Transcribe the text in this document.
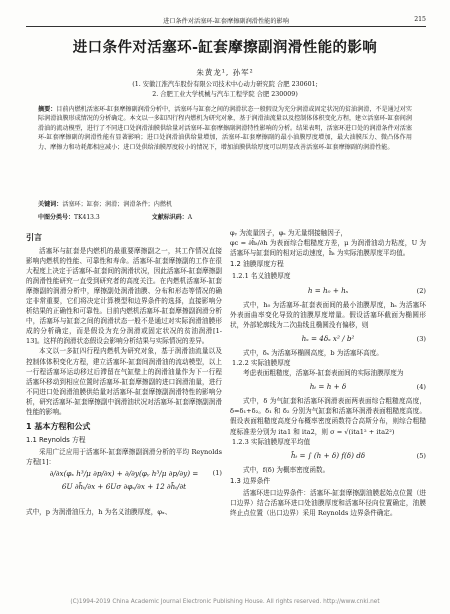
进口条件对活塞环-缸套摩擦副润滑性能的影响	215
进口条件对活塞环-缸套摩擦副润滑性能的影响
朱黄龙¹, 孙军²
(1. 安徽江淮汽车股份有限公司技术中心动力研究院 合肥 230601;
2. 合肥工业大学机械与汽车工程学院 合肥 230009)
摘要：目前内燃机活塞环-缸套摩擦副润滑分析中，活塞环与缸套之间的润滑状态一般假设为充分润滑或固定状况的贫油润滑，不是通过对实际润滑油膜形成情况的分析确定。本文以一多缸四行程内燃机为研究对象，基于润滑油流量以及控制体体积变化方程，建立活塞环-缸套间润滑油的流动模型，进行了不同进口处润滑油膜供给量对活塞环-缸套摩擦副润滑特性影响的分析。结果表明，活塞环进口处的润滑条件对活塞环-缸套摩擦副的润滑性能有显著影响；进口处润滑油供给量增加，活塞环-缸套摩擦副的最小油膜厚度增加，最大油膜压力、微凸体作用力、摩擦力和功耗都相应减小；进口处供给油膜厚度较小的情况下，增加油膜供给厚度可以明显改善活塞环-缸套摩擦副的润滑性能。
关键词：活塞环；缸套；润滑；润滑条件；内燃机
中图分类号：TK413.3	文献标识码：A
引言
活塞环与缸套是内燃机的最重要摩擦副之一，其工作情况直接影响内燃机的性能、可靠性和寿命。活塞环-缸套摩擦副的工作在很大程度上决定于活塞环-缸套间的润滑状况，因此活塞环-缸套摩擦副的润滑性能研究一直受到研究者的高度关注。在内燃机活塞环-缸套摩擦副的润滑分析中，摩擦副处润滑油膜、分布和形态等情况的确定非常重要，它们将决定计算模型和边界条件的选择，直接影响分析结果的正确性和可靠性。目前内燃机活塞环-缸套摩擦副润滑分析中，活塞环与缸套之间的润滑状态一般不是通过对实际润滑油膜形成的分析确定，而是假设为充分润滑或固定状况的贫油润滑[1-13]。这样的润滑状态假设会影响分析结果与实际情况的差异。
本文以一多缸四行程内燃机为研究对象，基于润滑油流量以及控制体体积变化方程，建立活塞环-缸套间润滑油的流动模型，以上一行程活塞环运动移过后滞留在气缸壁上的润滑油量作为下一行程活塞环移动到相应位置时活塞环-缸套摩擦副的进口润滑油量，进行不同进口处润滑油膜供给量对活塞环-缸套摩擦副润滑特性的影响分析，研究活塞环-缸套摩擦副中润滑油状况对活塞环-缸套摩擦副润滑性能的影响。
1 基本方程和公式
1.1 Reynolds 方程
采用广泛应用于活塞环-缸套摩擦副润滑分析的平均 Reynolds 方程[1]：
∂/∂x(φₓ h³/μ ∂p/∂x) + ∂/∂y(φᵧ h³/μ ∂p/∂y) =
6U ∂h̄ₜ/∂x + 6Uσ ∂φₛ/∂x + 12 ∂h̄ₜ/∂t
(1)
式中，p 为润滑油压力，h 为名义油膜厚度，φₓ、
φᵧ 为流量因子，φₛ 为无量纲接触因子，
φc = ∂h̄ₜ/∂h 为表面综合粗糙度方差，μ 为润滑油动力粘度，U 为活塞环与缸套间的相对运动速度，h̄ₜ 为实际油膜厚度平均值。
1.2 油膜厚度方程
1.2.1 名义油膜厚度
h = h₀ + hₛ	(2)
式中，h₀ 为活塞环-缸套表面间的最小油膜厚度，hₛ 为活塞环外表面曲率变化导致的油膜厚度增量。假设活塞环截面为椭圆形状，外部轮廓线为二次曲线且椭圆没有偏移，则
hₛ = 4δₛ x² / b²	(3)
式中，δₛ 为活塞环椭圆高度，b 为活塞环高度。
1.2.2 实际油膜厚度
考虑表面粗糙度，活塞环-缸套表面间的实际油膜厚度为
hₜ = h + δ	(4)
式中，δ 为气缸套和活塞环润滑表面两表面综合粗糙度高度，δ=δ₁+δ₂。δ₁ 和 δ₂ 分别为气缸套和活塞环润滑表面粗糙度高度。假设表面粗糙度高度分布概率密度函数符合高斯分布，则综合粗糙度标准差分别为 ita1 和 ita2，则 σ = √(ita1² + ita2²)
1.2.3 实际油膜厚度平均值
h̄ₜ = ∫ (h + δ) f(δ) dδ	(5)
式中，f(δ) 为概率密度函数。
1.3 边界条件
活塞环进口边界条件：活塞环-缸套摩擦副油膜起始点位置（进口边界）结合活塞环进口处油膜厚度和活塞环径向位置确定，油膜终止点位置（出口边界）采用 Reynolds 边界条件确定。
(C)1994-2019 China Academic Journal Electronic Publishing House. All rights reserved. http://www.cnki.net
